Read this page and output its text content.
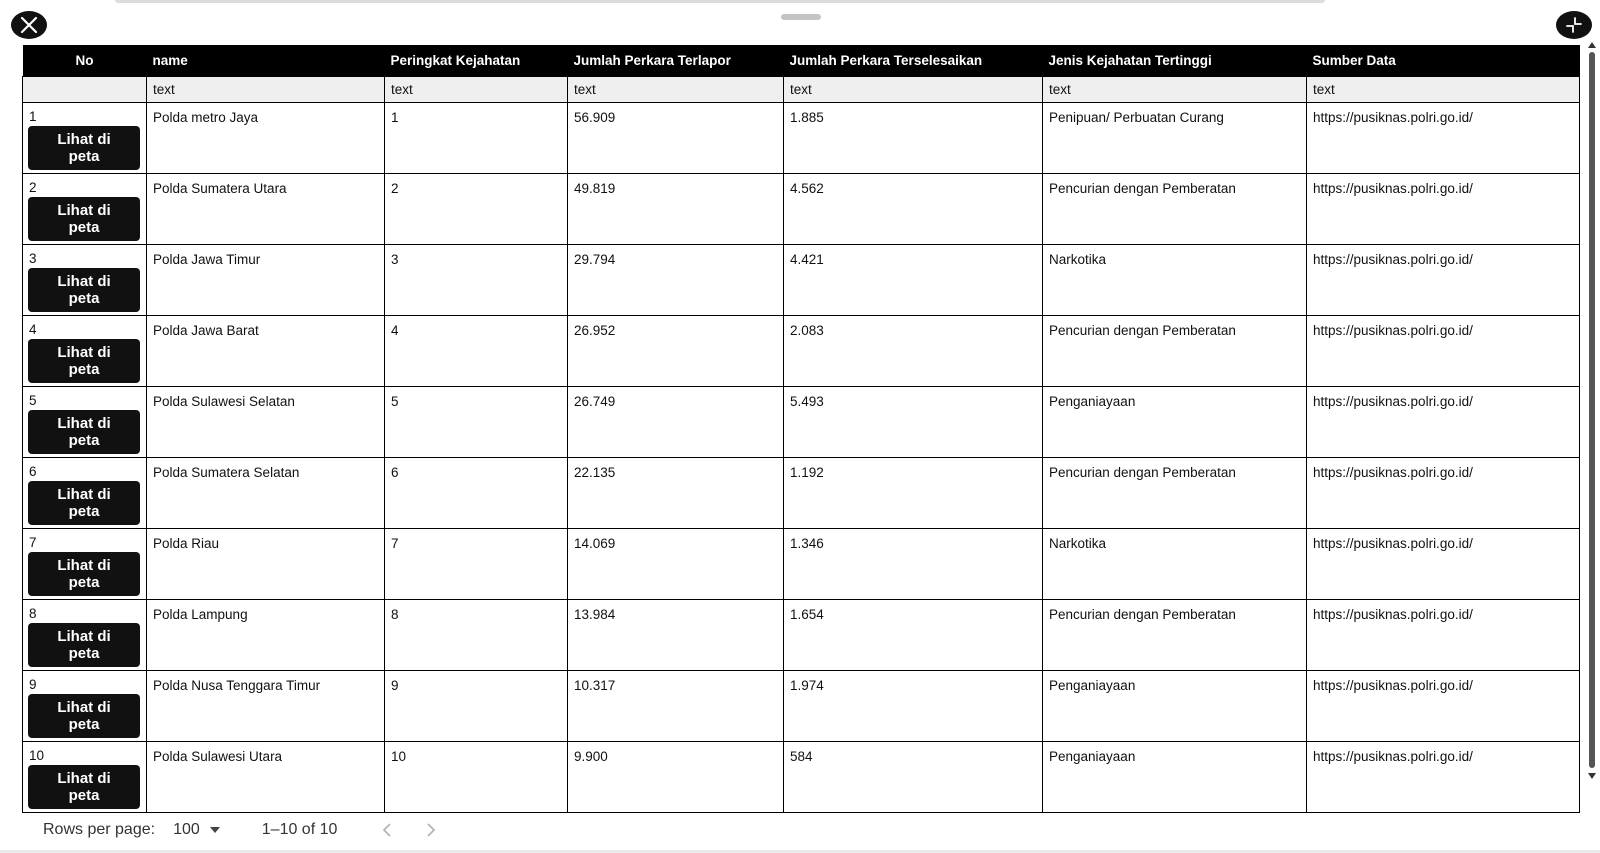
No	name	Peringkat Kejahatan	Jumlah Perkara Terlapor	Jumlah Perkara Terselesaikan	Jenis Kejahatan Tertinggi	Sumber Data
	text	text	text	text	text	text

1
Lihat di peta	Polda metro Jaya	1	56.909	1.885	Penipuan/ Perbuatan Curang	https://pusiknas.polri.go.id/

2
Lihat di peta	Polda Sumatera Utara	2	49.819	4.562	Pencurian dengan Pemberatan	https://pusiknas.polri.go.id/

3
Lihat di peta	Polda Jawa Timur	3	29.794	4.421	Narkotika	https://pusiknas.polri.go.id/

4
Lihat di peta	Polda Jawa Barat	4	26.952	2.083	Pencurian dengan Pemberatan	https://pusiknas.polri.go.id/

5
Lihat di peta	Polda Sulawesi Selatan	5	26.749	5.493	Penganiayaan	https://pusiknas.polri.go.id/

6
Lihat di peta	Polda Sumatera Selatan	6	22.135	1.192	Pencurian dengan Pemberatan	https://pusiknas.polri.go.id/

7
Lihat di peta	Polda Riau	7	14.069	1.346	Narkotika	https://pusiknas.polri.go.id/

8
Lihat di peta	Polda Lampung	8	13.984	1.654	Pencurian dengan Pemberatan	https://pusiknas.polri.go.id/

9
Lihat di peta	Polda Nusa Tenggara Timur	9	10.317	1.974	Penganiayaan	https://pusiknas.polri.go.id/

10
Lihat di peta	Polda Sulawesi Utara	10	9.900	584	Penganiayaan	https://pusiknas.polri.go.id/
Rows per page: 100	1–10 of 10
